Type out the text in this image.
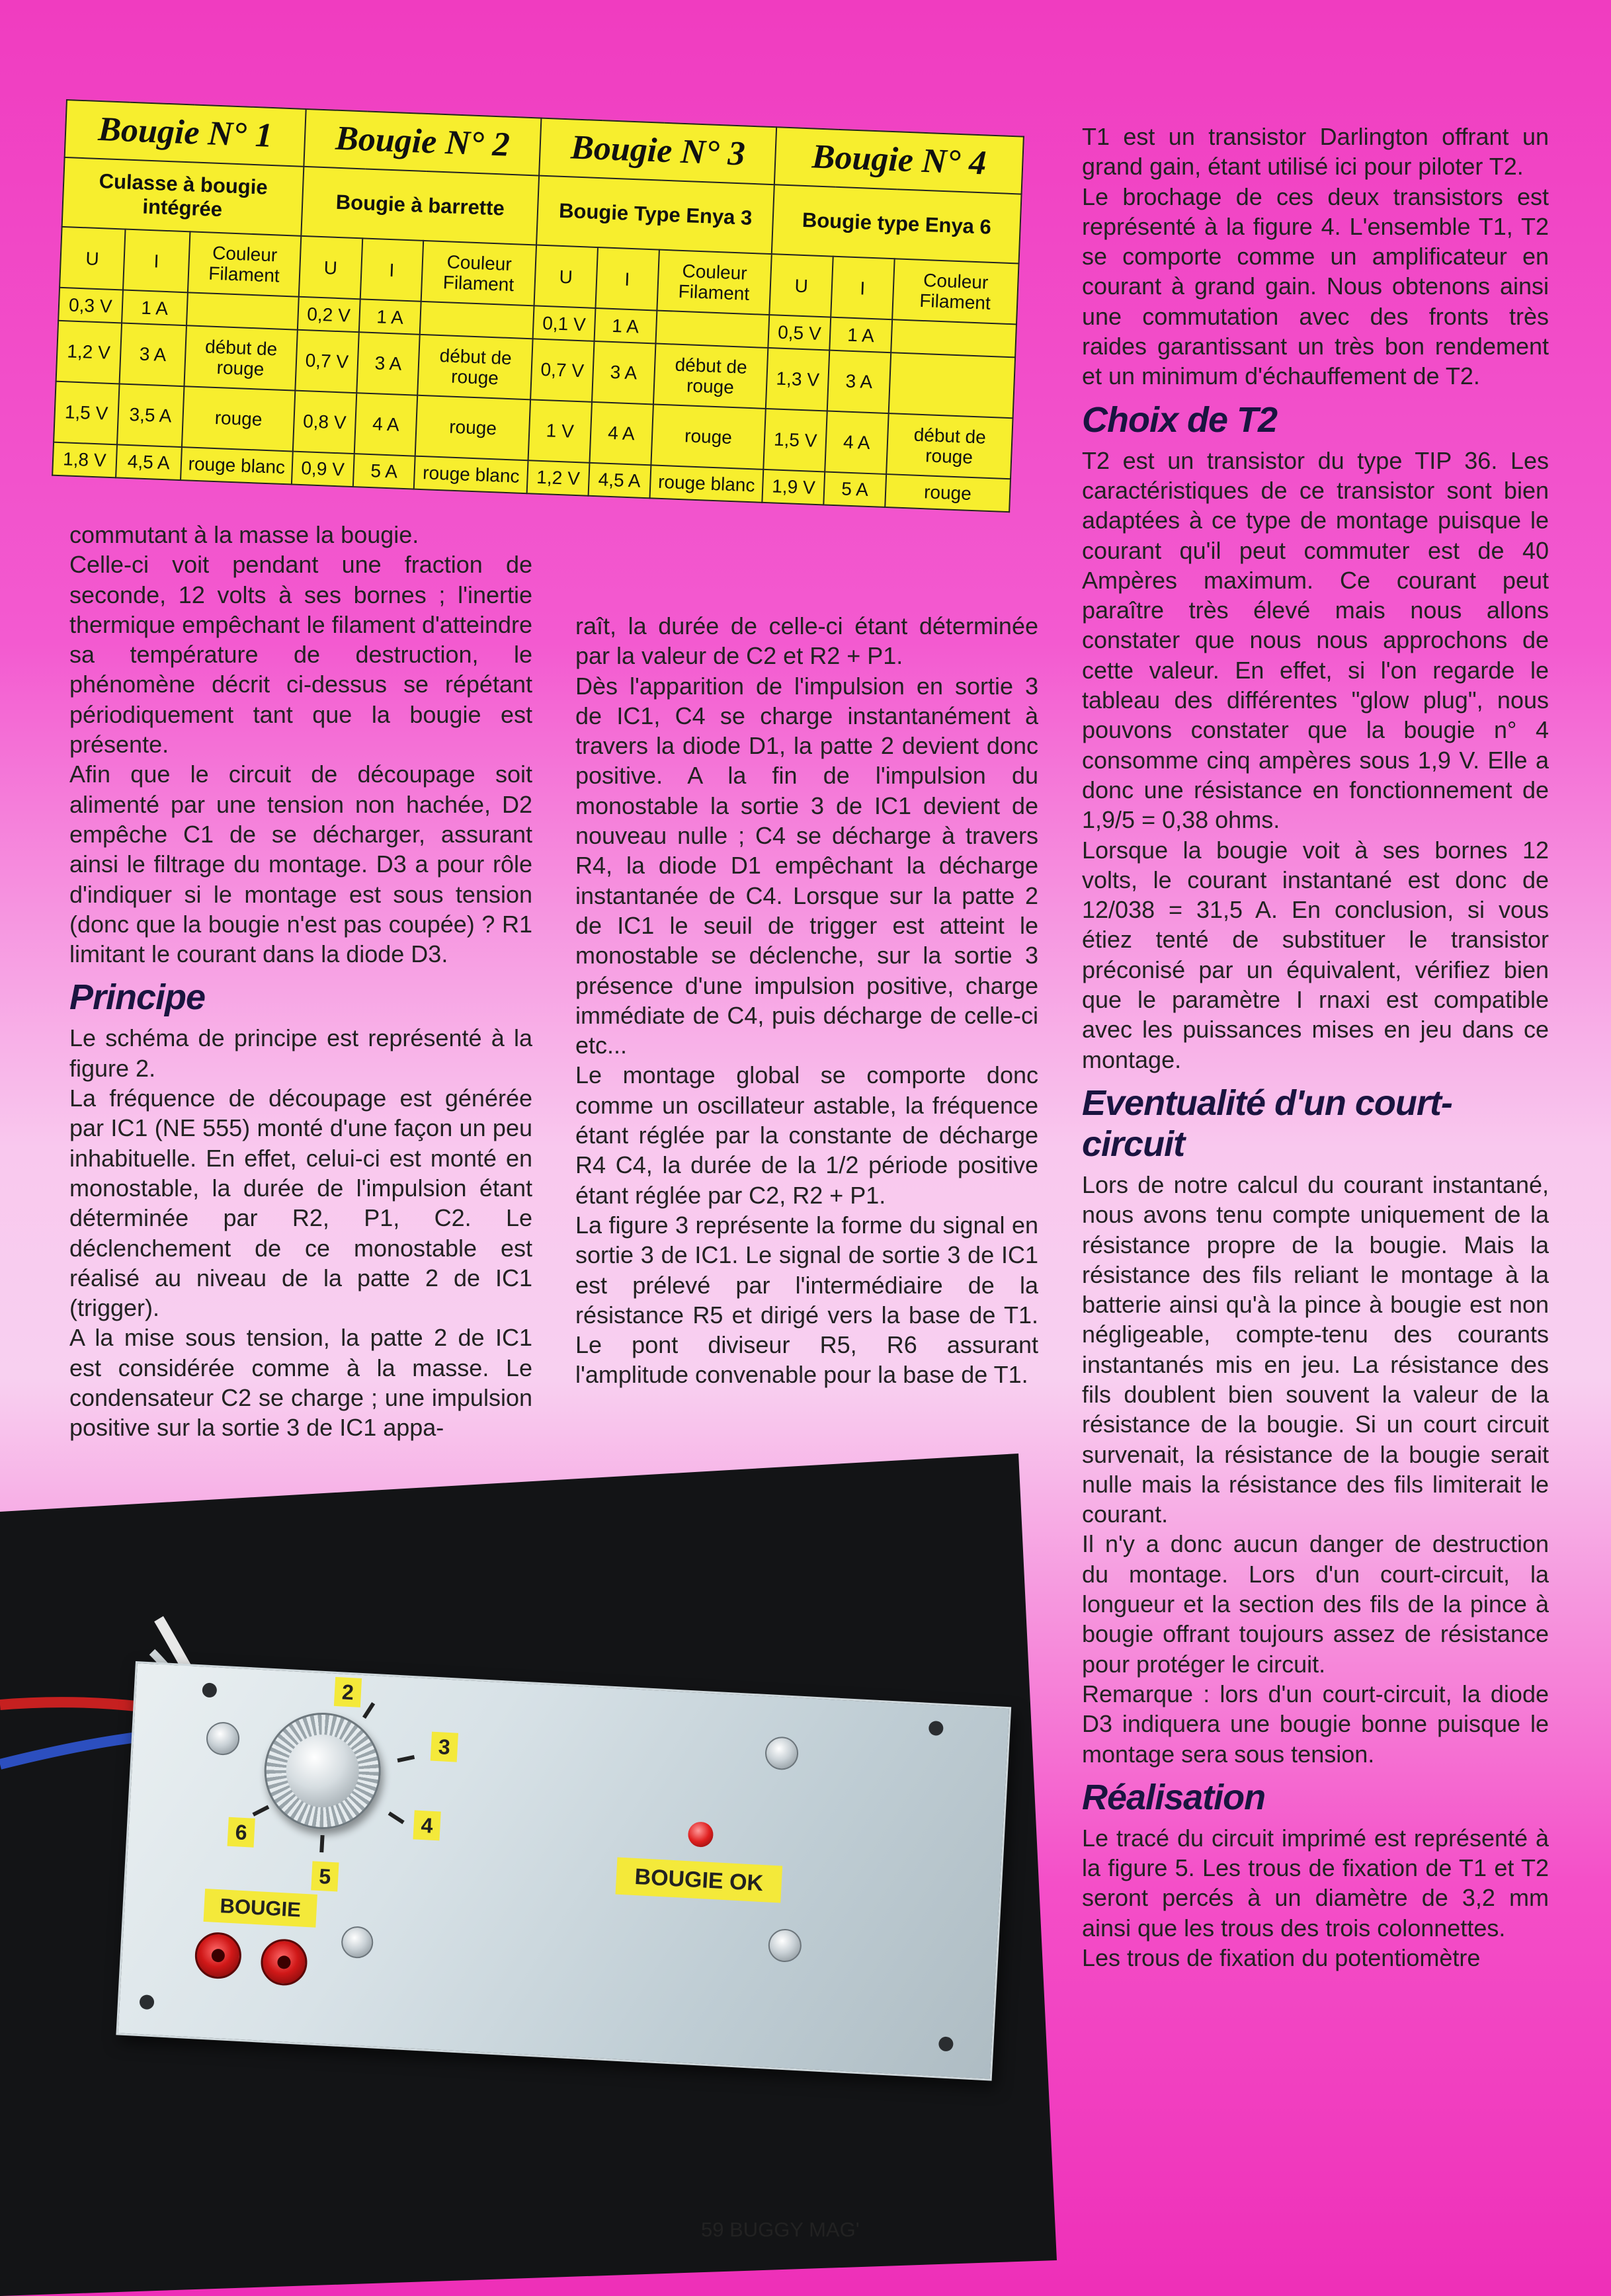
Bougie N° 1			Bougie N° 2			Bougie N° 3			Bougie N° 4		
Culasse à bougie intégrée			Bougie à barrette			Bougie Type Enya 3			Bougie type Enya 6		
U	I	Couleur Filament	U	I	Couleur Filament	U	I	Couleur Filament	U	I	Couleur Filament
0,3 V	1 A		0,2 V	1 A		0,1 V	1 A		0,5 V	1 A	
1,2 V	3 A	début de rouge	0,7 V	3 A	début de rouge	0,7 V	3 A	début de rouge	1,3 V	3 A	
1,5 V	3,5 A	rouge	0,8 V	4 A	rouge	1 V	4 A	rouge	1,5 V	4 A	début de rouge
1,8 V	4,5 A	rouge blanc	0,9 V	5 A	rouge blanc	1,2 V	4,5 A	rouge blanc	1,9 V	5 A	rouge

commutant à la masse la bougie.

Celle-ci voit pendant une fraction de seconde, 12 volts à ses bornes ; l'inertie thermique empêchant le filament d'atteindre sa température de destruction, le phénomène décrit ci-dessus se répétant périodiquement tant que la bougie est présente.

Afin que le circuit de découpage soit alimenté par une tension non hachée, D2 empêche C1 de se décharger, assurant ainsi le filtrage du montage. D3 a pour rôle d'indiquer si le montage est sous tension (donc que la bougie n'est pas coupée) ? R1 limitant le courant dans la diode D3.

Principe

Le schéma de principe est représenté à la figure 2.

La fréquence de découpage est générée par IC1 (NE 555) monté d'une façon un peu inhabituelle. En effet, celui-ci est monté en monostable, la durée de l'impulsion étant déterminée par R2, P1, C2. Le déclenchement de ce monostable est réalisé au niveau de la patte 2 de IC1 (trigger).

A la mise sous tension, la patte 2 de IC1 est considérée comme à la masse. Le condensateur C2 se charge ; une impulsion positive sur la sortie 3 de IC1 appa-

raît, la durée de celle-ci étant déterminée par la valeur de C2 et R2 + P1.

Dès l'apparition de l'impulsion en sortie 3 de IC1, C4 se charge instantanément à travers la diode D1, la patte 2 devient donc positive. A la fin de l'impulsion du monostable la sortie 3 de IC1 devient de nouveau nulle ; C4 se décharge à travers R4, la diode D1 empêchant la décharge instantanée de C4. Lorsque sur la patte 2 de IC1 le seuil de trigger est atteint le monostable se déclenche, sur la sortie 3 présence d'une impulsion positive, charge immédiate de C4, puis décharge de celle-ci etc...

Le montage global se comporte donc comme un oscillateur astable, la fréquence étant réglée par la constante de décharge R4 C4, la durée de la 1/2 période positive étant réglée par C2, R2 + P1.

La figure 3 représente la forme du signal en sortie 3 de IC1. Le signal de sortie 3 de IC1 est prélevé par l'intermédiaire de la résistance R5 et dirigé vers la base de T1. Le pont diviseur R5, R6 assurant l'amplitude convenable pour la base de T1.

T1 est un transistor Darlington offrant un grand gain, étant utilisé ici pour piloter T2.

Le brochage de ces deux transistors est représenté à la figure 4. L'ensemble T1, T2 se comporte comme un amplificateur en courant à grand gain. Nous obtenons ainsi une commutation avec des fronts très raides garantissant un très bon rendement et un minimum d'échauffement de T2.

Choix de T2

T2 est un transistor du type TIP 36. Les caractéristiques de ce transistor sont bien adaptées à ce type de montage puisque le courant qu'il peut commuter est de 40 Ampères maximum. Ce courant peut paraître très élevé mais nous allons constater que nous nous approchons de cette valeur. En effet, si l'on regarde le tableau des différentes "glow plug", nous pouvons constater que la bougie n° 4 consomme cinq ampères sous 1,9 V. Elle a donc une résistance en fonctionnement de 1,9/5 = 0,38 ohms.

Lorsque la bougie voit à ses bornes 12 volts, le courant instantané est donc de 12/038 = 31,5 A. En conclusion, si vous étiez tenté de substituer le transistor préconisé par un équivalent, vérifiez bien que le paramètre I rnaxi est compatible avec les puissances mises en jeu dans ce montage.

Eventualité d'un court-circuit

Lors de notre calcul du courant instantané, nous avons tenu compte uniquement de la résistance propre de la bougie. Mais la résistance des fils reliant le montage à la batterie ainsi qu'à la pince à bougie est non négligeable, compte-tenu des courants instantanés mis en jeu. La résistance des fils doublent bien souvent la valeur de la résistance de la bougie. Si un court circuit survenait, la résistance de la bougie serait nulle mais la résistance des fils limiterait le courant.

Il n'y a donc aucun danger de destruction du montage. Lors d'un court-circuit, la longueur et la section des fils de la pince à bougie offrant toujours assez de résistance pour protéger le circuit.

Remarque : lors d'un court-circuit, la diode D3 indiquera une bougie bonne puisque le montage sera sous tension.

Réalisation

Le tracé du circuit imprimé est représenté à la figure 5. Les trous de fixation de T1 et T2 seront percés à un diamètre de 3,2 mm ainsi que les trous des trois colonnettes.

Les trous de fixation du potentiomètre

2
3
4
5
6
BOUGIE OK
BOUGIE
59 BUGGY MAG'
